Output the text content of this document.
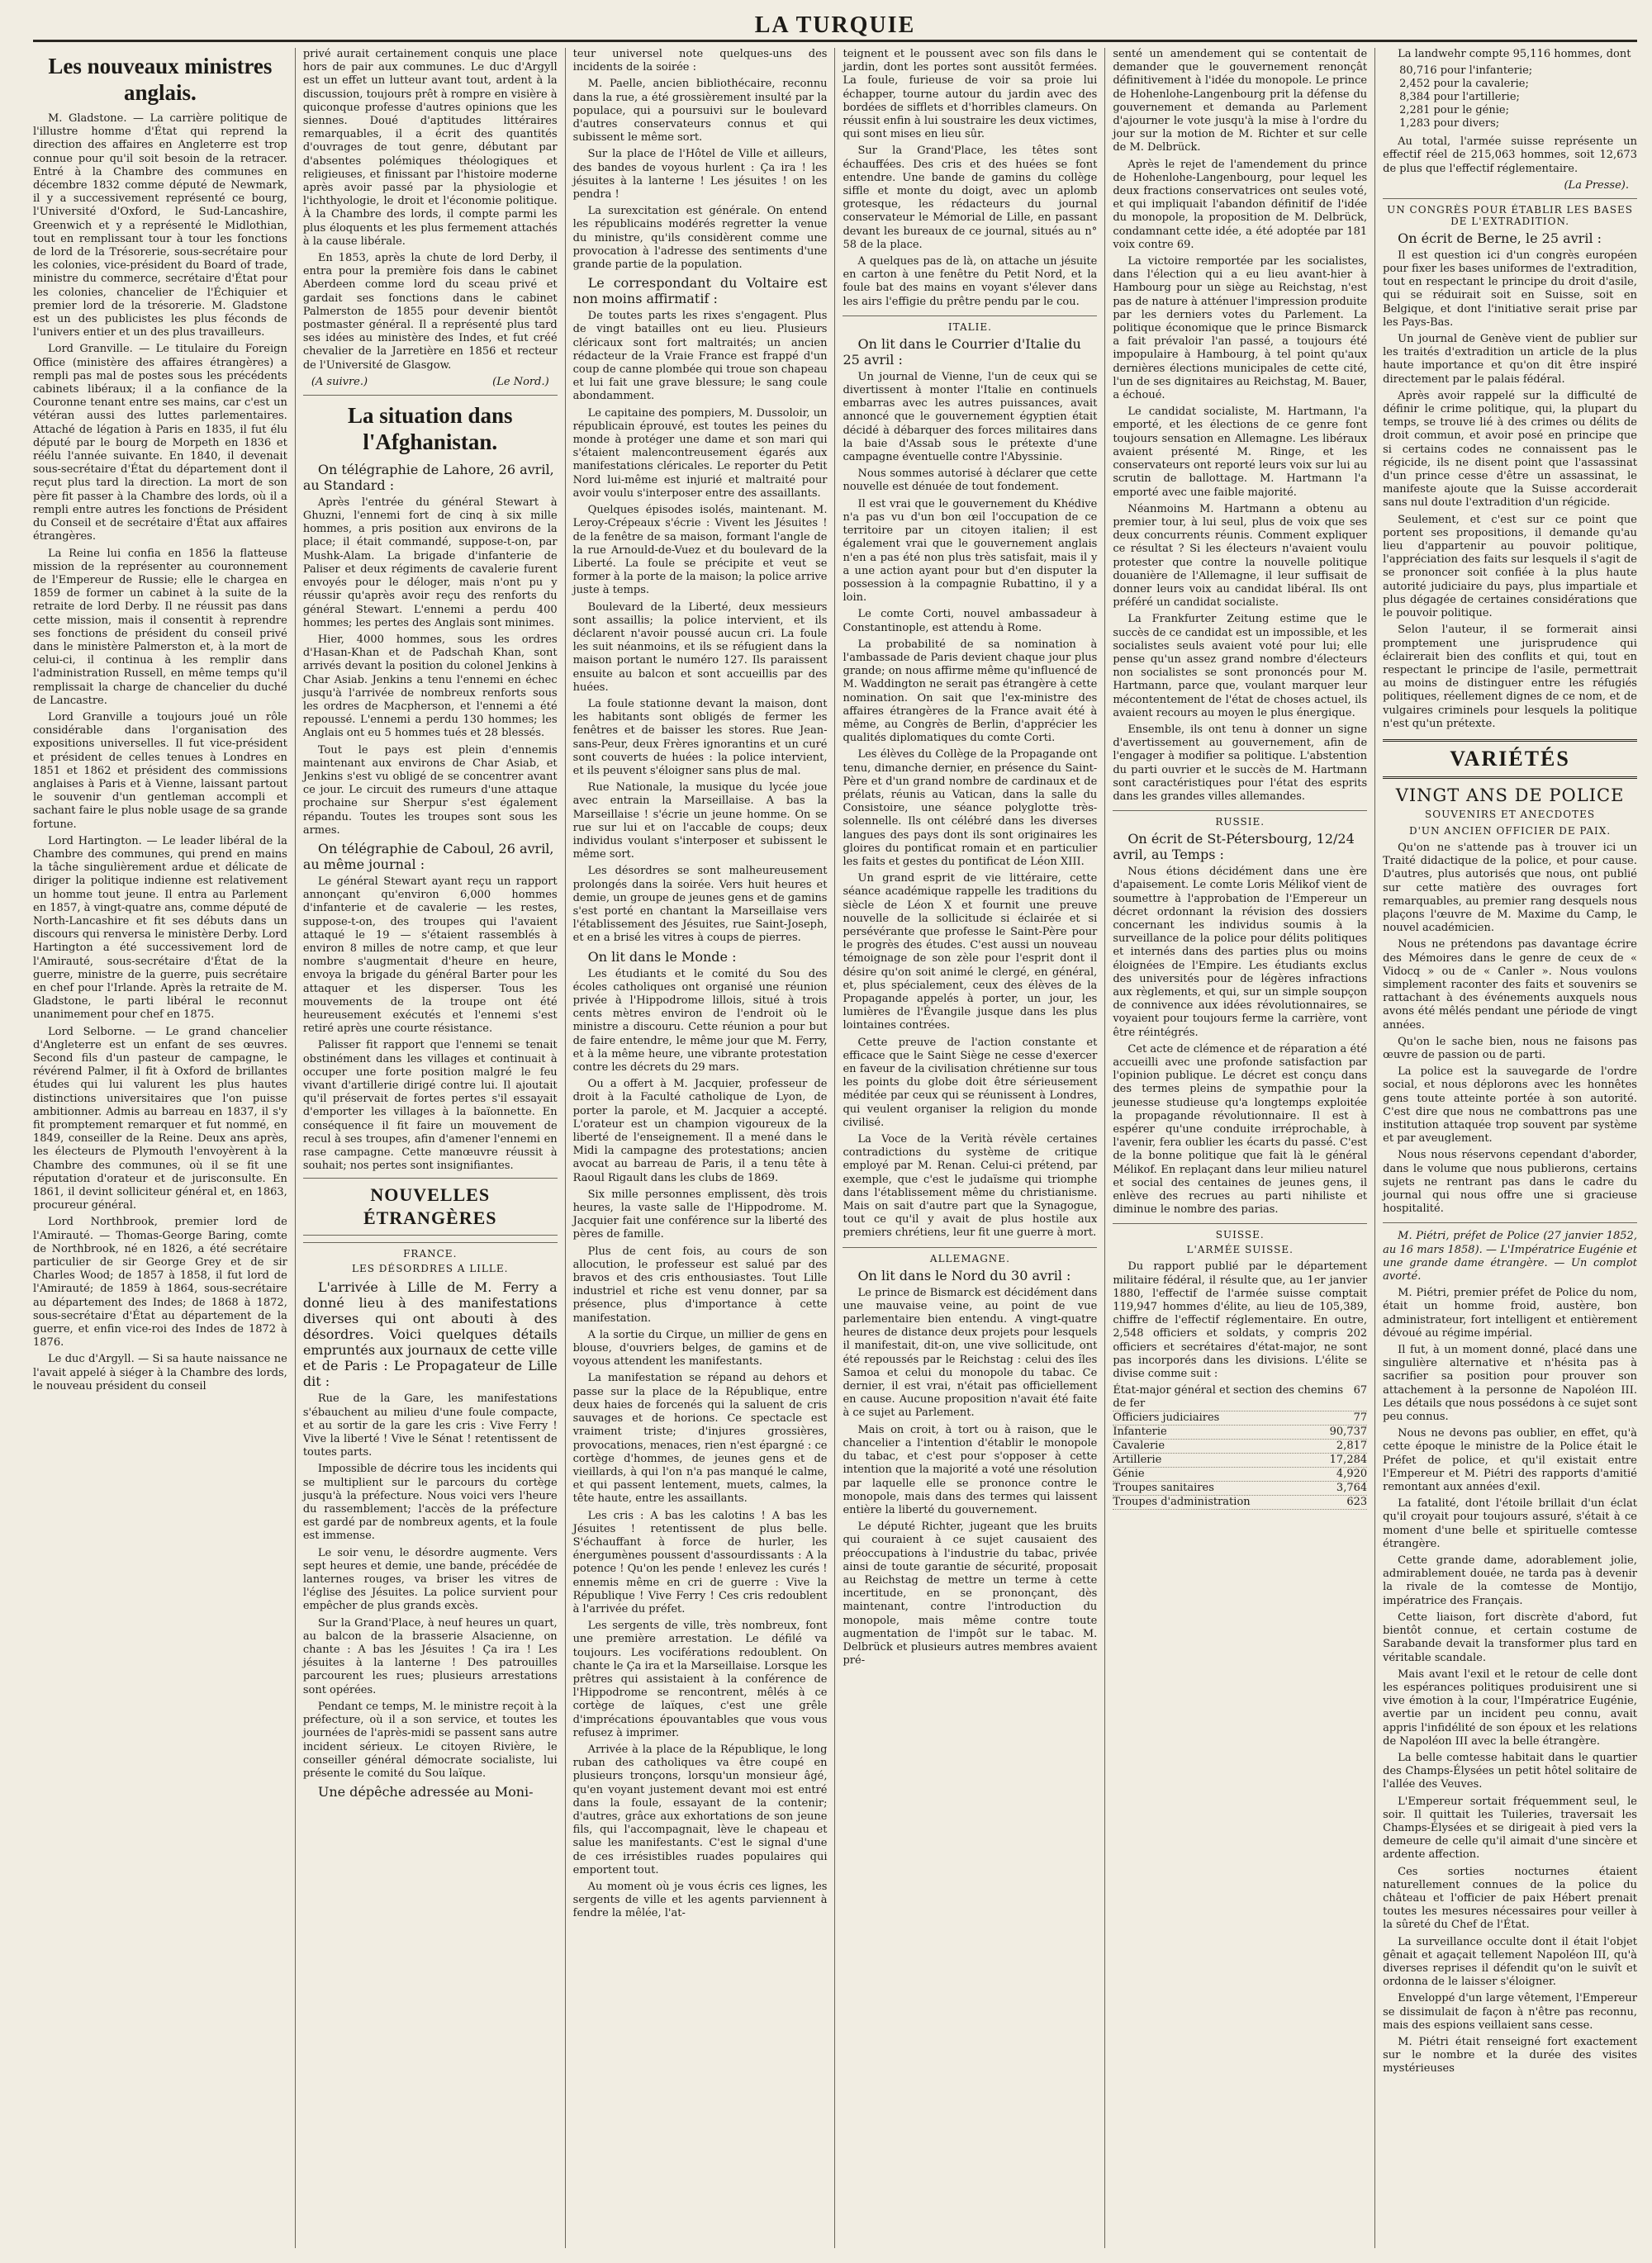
LA TURQUIE
Les nouveaux ministres anglais.

M. Gladstone. — La carrière politique de l'illustre homme d'État qui reprend la direction des affaires en Angleterre est trop connue pour qu'il soit besoin de la retracer. Entré à la Chambre des communes en décembre 1832 comme député de Newmark, il y a successivement représenté ce bourg, l'Université d'Oxford, le Sud-Lancashire, Greenwich et y a représenté le Midlothian, tout en remplissant tour à tour les fonctions de lord de la Trésorerie, sous-secrétaire pour les colonies, vice-président du Board of trade, ministre du commerce, secrétaire d'État pour les colonies, chancelier de l'Échiquier et premier lord de la trésorerie. M. Gladstone est un des publicistes les plus féconds de l'univers entier et un des plus travailleurs.

Lord Granville. — Le titulaire du Foreign Office (ministère des affaires étrangères) a rempli pas mal de postes sous les précédents cabinets libéraux; il a la confiance de la Couronne tenant entre ses mains, car c'est un vétéran aussi des luttes parlementaires. Attaché de légation à Paris en 1835, il fut élu député par le bourg de Morpeth en 1836 et réélu l'année suivante. En 1840, il devenait sous-secrétaire d'État du département dont il reçut plus tard la direction. La mort de son père fit passer à la Chambre des lords, où il a rempli entre autres les fonctions de Président du Conseil et de secrétaire d'État aux affaires étrangères.

La Reine lui confia en 1856 la flatteuse mission de la représenter au couronnement de l'Empereur de Russie; elle le chargea en 1859 de former un cabinet à la suite de la retraite de lord Derby. Il ne réussit pas dans cette mission, mais il consentit à reprendre ses fonctions de président du conseil privé dans le ministère Palmerston et, à la mort de celui-ci, il continua à les remplir dans l'administration Russell, en même temps qu'il remplissait la charge de chancelier du duché de Lancastre.

Lord Granville a toujours joué un rôle considérable dans l'organisation des expositions universelles. Il fut vice-président et président de celles tenues à Londres en 1851 et 1862 et président des commissions anglaises à Paris et à Vienne, laissant partout le souvenir d'un gentleman accompli et sachant faire le plus noble usage de sa grande fortune.

Lord Hartington. — Le leader libéral de la Chambre des communes, qui prend en mains la tâche singulièrement ardue et délicate de diriger la politique indienne est relativement un homme tout jeune. Il entra au Parlement en 1857, à vingt-quatre ans, comme député de North-Lancashire et fit ses débuts dans un discours qui renversa le ministère Derby. Lord Hartington a été successivement lord de l'Amirauté, sous-secrétaire d'État de la guerre, ministre de la guerre, puis secrétaire en chef pour l'Irlande. Après la retraite de M. Gladstone, le parti libéral le reconnut unanimement pour chef en 1875.

Lord Selborne. — Le grand chancelier d'Angleterre est un enfant de ses œuvres. Second fils d'un pasteur de campagne, le révérend Palmer, il fit à Oxford de brillantes études qui lui valurent les plus hautes distinctions universitaires que l'on puisse ambitionner. Admis au barreau en 1837, il s'y fit promptement remarquer et fut nommé, en 1849, conseiller de la Reine. Deux ans après, les électeurs de Plymouth l'envoyèrent à la Chambre des communes, où il se fit une réputation d'orateur et de jurisconsulte. En 1861, il devint solliciteur général et, en 1863, procureur général.

Lord Northbrook, premier lord de l'Amirauté. — Thomas-George Baring, comte de Northbrook, né en 1826, a été secrétaire particulier de sir George Grey et de sir Charles Wood; de 1857 à 1858, il fut lord de l'Amirauté; de 1859 à 1864, sous-secrétaire au département des Indes; de 1868 à 1872, sous-secrétaire d'État au département de la guerre, et enfin vice-roi des Indes de 1872 à 1876.

Le duc d'Argyll. — Si sa haute naissance ne l'avait appelé à siéger à la Chambre des lords, le nouveau président du conseil

privé aurait certainement conquis une place hors de pair aux communes. Le duc d'Argyll est un effet un lutteur avant tout, ardent à la discussion, toujours prêt à rompre en visière à quiconque professe d'autres opinions que les siennes. Doué d'aptitudes littéraires remarquables, il a écrit des quantités d'ouvrages de tout genre, débutant par d'absentes polémiques théologiques et religieuses, et finissant par l'histoire moderne après avoir passé par la physiologie et l'ichthyologie, le droit et l'économie politique. À la Chambre des lords, il compte parmi les plus éloquents et les plus fermement attachés à la cause libérale.

En 1853, après la chute de lord Derby, il entra pour la première fois dans le cabinet Aberdeen comme lord du sceau privé et gardait ses fonctions dans le cabinet Palmerston de 1855 pour devenir bientôt postmaster général. Il a représenté plus tard ses idées au ministère des Indes, et fut créé chevalier de la Jarretière en 1856 et recteur de l'Université de Glasgow.

(A suivre.)	(Le Nord.)
La situation dans l'Afghanistan.
On télégraphie de Lahore, 26 avril, au Standard :

Après l'entrée du général Stewart à Ghuzni, l'ennemi fort de cinq à six mille hommes, a pris position aux environs de la place; il était commandé, suppose-t-on, par Mushk-Alam. La brigade d'infanterie de Paliser et deux régiments de cavalerie furent envoyés pour le déloger, mais n'ont pu y réussir qu'après avoir reçu des renforts du général Stewart. L'ennemi a perdu 400 hommes; les pertes des Anglais sont minimes.

Hier, 4000 hommes, sous les ordres d'Hasan-Khan et de Padschah Khan, sont arrivés devant la position du colonel Jenkins à Char Asiab. Jenkins a tenu l'ennemi en échec jusqu'à l'arrivée de nombreux renforts sous les ordres de Macpherson, et l'ennemi a été repoussé. L'ennemi a perdu 130 hommes; les Anglais ont eu 5 hommes tués et 28 blessés.

Tout le pays est plein d'ennemis maintenant aux environs de Char Asiab, et Jenkins s'est vu obligé de se concentrer avant ce jour. Le circuit des rumeurs d'une attaque prochaine sur Sherpur s'est également répandu. Toutes les troupes sont sous les armes.

On télégraphie de Caboul, 26 avril, au même journal :

Le général Stewart ayant reçu un rapport annonçant qu'environ 6,000 hommes d'infanterie et de cavalerie — les restes, suppose-t-on, des troupes qui l'avaient attaqué le 19 — s'étaient rassemblés à environ 8 milles de notre camp, et que leur nombre s'augmentait d'heure en heure, envoya la brigade du général Barter pour les attaquer et les disperser. Tous les mouvements de la troupe ont été heureusement exécutés et l'ennemi s'est retiré après une courte résistance.

Palisser fit rapport que l'ennemi se tenait obstinément dans les villages et continuait à occuper une forte position malgré le feu vivant d'artillerie dirigé contre lui. Il ajoutait qu'il préservait de fortes pertes s'il essayait d'emporter les villages à la baïonnette. En conséquence il fit faire un mouvement de recul à ses troupes, afin d'amener l'ennemi en rase campagne. Cette manœuvre réussit à souhait; nos pertes sont insignifiantes.

NOUVELLES ÉTRANGÈRES
FRANCE.
LES DÉSORDRES A LILLE.

L'arrivée à Lille de M. Ferry a donné lieu à des manifestations diverses qui ont abouti à des désordres. Voici quelques détails empruntés aux journaux de cette ville et de Paris : Le Propagateur de Lille dit :

Rue de la Gare, les manifestations s'ébauchent au milieu d'une foule compacte, et au sortir de la gare les cris : Vive Ferry ! Vive la liberté ! Vive le Sénat ! retentissent de toutes parts.

Impossible de décrire tous les incidents qui se multiplient sur le parcours du cortège jusqu'à la préfecture. Nous voici vers l'heure du rassemblement; l'accès de la préfecture est gardé par de nombreux agents, et la foule est immense.

Le soir venu, le désordre augmente. Vers sept heures et demie, une bande, précédée de lanternes rouges, va briser les vitres de l'église des Jésuites. La police survient pour empêcher de plus grands excès.

Sur la Grand'Place, à neuf heures un quart, au balcon de la brasserie Alsacienne, on chante : A bas les Jésuites ! Ça ira ! Les jésuites à la lanterne ! Des patrouilles parcourent les rues; plusieurs arrestations sont opérées.

Pendant ce temps, M. le ministre reçoit à la préfecture, où il a son service, et toutes les journées de l'après-midi se passent sans autre incident sérieux. Le citoyen Rivière, le conseiller général démocrate socialiste, lui présente le comité du Sou laïque.

Une dépêche adressée au Moni-

teur universel note quelques-uns des incidents de la soirée :

M. Paelle, ancien bibliothécaire, reconnu dans la rue, a été grossièrement insulté par la populace, qui a poursuivi sur le boulevard d'autres conservateurs connus et qui subissent le même sort.

Sur la place de l'Hôtel de Ville et ailleurs, des bandes de voyous hurlent : Ça ira ! les jésuites à la lanterne ! Les jésuites ! on les pendra !

La surexcitation est générale. On entend les républicains modérés regretter la venue du ministre, qu'ils considèrent comme une provocation à l'adresse des sentiments d'une grande partie de la population.

Le correspondant du Voltaire est non moins affirmatif :

De toutes parts les rixes s'engagent. Plus de vingt batailles ont eu lieu. Plusieurs cléricaux sont fort maltraités; un ancien rédacteur de la Vraie France est frappé d'un coup de canne plombée qui troue son chapeau et lui fait une grave blessure; le sang coule abondamment.

Le capitaine des pompiers, M. Dussoloir, un républicain éprouvé, est toutes les peines du monde à protéger une dame et son mari qui s'étaient malencontreusement égarés aux manifestations cléricales. Le reporter du Petit Nord lui-même est injurié et maltraité pour avoir voulu s'interposer entre des assaillants.

Quelques épisodes isolés, maintenant. M. Leroy-Crépeaux s'écrie : Vivent les Jésuites ! de la fenêtre de sa maison, formant l'angle de la rue Arnould-de-Vuez et du boulevard de la Liberté. La foule se précipite et veut se former à la porte de la maison; la police arrive juste à temps.

Boulevard de la Liberté, deux messieurs sont assaillis; la police intervient, et ils déclarent n'avoir poussé aucun cri. La foule les suit néanmoins, et ils se réfugient dans la maison portant le numéro 127. Ils paraissent ensuite au balcon et sont accueillis par des huées.

La foule stationne devant la maison, dont les habitants sont obligés de fermer les fenêtres et de baisser les stores. Rue Jean-sans-Peur, deux Frères ignorantins et un curé sont couverts de huées : la police intervient, et ils peuvent s'éloigner sans plus de mal.

Rue Nationale, la musique du lycée joue avec entrain la Marseillaise. A bas la Marseillaise ! s'écrie un jeune homme. On se rue sur lui et on l'accable de coups; deux individus voulant s'interposer et subissent le même sort.

Les désordres se sont malheureusement prolongés dans la soirée. Vers huit heures et demie, un groupe de jeunes gens et de gamins s'est porté en chantant la Marseillaise vers l'établissement des Jésuites, rue Saint-Joseph, et en a brisé les vitres à coups de pierres.

On lit dans le Monde :

Les étudiants et le comité du Sou des écoles catholiques ont organisé une réunion privée à l'Hippodrome lillois, situé à trois cents mètres environ de l'endroit où le ministre a discouru. Cette réunion a pour but de faire entendre, le même jour que M. Ferry, et à la même heure, une vibrante protestation contre les décrets du 29 mars.

Ou a offert à M. Jacquier, professeur de droit à la Faculté catholique de Lyon, de porter la parole, et M. Jacquier a accepté. L'orateur est un champion vigoureux de la liberté de l'enseignement. Il a mené dans le Midi la campagne des protestations; ancien avocat au barreau de Paris, il a tenu tête à Raoul Rigault dans les clubs de 1869.

Six mille personnes emplissent, dès trois heures, la vaste salle de l'Hippodrome. M. Jacquier fait une conférence sur la liberté des pères de famille.

Plus de cent fois, au cours de son allocution, le professeur est salué par des bravos et des cris enthousiastes. Tout Lille industriel et riche est venu donner, par sa présence, plus d'importance à cette manifestation.

A la sortie du Cirque, un millier de gens en blouse, d'ouvriers belges, de gamins et de voyous attendent les manifestants.

La manifestation se répand au dehors et passe sur la place de la République, entre deux haies de forcenés qui la saluent de cris sauvages et de horions. Ce spectacle est vraiment triste; d'injures grossières, provocations, menaces, rien n'est épargné : ce cortège d'hommes, de jeunes gens et de vieillards, à qui l'on n'a pas manqué le calme, et qui passent lentement, muets, calmes, la tête haute, entre les assaillants.

Les cris : A bas les calotins ! A bas les Jésuites ! retentissent de plus belle. S'échauffant à force de hurler, les énergumènes poussent d'assourdissants : A la potence ! Qu'on les pende ! enlevez les curés ! ennemis même en cri de guerre : Vive la République ! Vive Ferry ! Ces cris redoublent à l'arrivée du préfet.

Les sergents de ville, très nombreux, font une première arrestation. Le défilé va toujours. Les vociférations redoublent. On chante le Ça ira et la Marseillaise. Lorsque les prêtres qui assistaient à la conférence de l'Hippodrome se rencontrent, mêlés à ce cortège de laïques, c'est une grêle d'imprécations épouvantables que vous vous refusez à imprimer.

Arrivée à la place de la République, le long ruban des catholiques va être coupé en plusieurs tronçons, lorsqu'un monsieur âgé, qu'en voyant justement devant moi est entré dans la foule, essayant de la contenir; d'autres, grâce aux exhortations de son jeune fils, qui l'accompagnait, lève le chapeau et salue les manifestants. C'est le signal d'une de ces irrésistibles ruades populaires qui emportent tout.

Au moment où je vous écris ces lignes, les sergents de ville et les agents parviennent à fendre la mêlée, l'at-

teignent et le poussent avec son fils dans le jardin, dont les portes sont aussitôt fermées. La foule, furieuse de voir sa proie lui échapper, tourne autour du jardin avec des bordées de sifflets et d'horribles clameurs. On réussit enfin à lui soustraire les deux victimes, qui sont mises en lieu sûr.

Sur la Grand'Place, les têtes sont échauffées. Des cris et des huées se font entendre. Une bande de gamins du collège siffle et monte du doigt, avec un aplomb grotesque, les rédacteurs du journal conservateur le Mémorial de Lille, en passant devant les bureaux de ce journal, situés au n° 58 de la place.

A quelques pas de là, on attache un jésuite en carton à une fenêtre du Petit Nord, et la foule bat des mains en voyant s'élever dans les airs l'effigie du prêtre pendu par le cou.

ITALIE.
On lit dans le Courrier d'Italie du 25 avril :

Un journal de Vienne, l'un de ceux qui se divertissent à monter l'Italie en continuels embarras avec les autres puissances, avait annoncé que le gouvernement égyptien était décidé à débarquer des forces militaires dans la baie d'Assab sous le prétexte d'une campagne éventuelle contre l'Abyssinie.

Nous sommes autorisé à déclarer que cette nouvelle est dénuée de tout fondement.

Il est vrai que le gouvernement du Khédive n'a pas vu d'un bon œil l'occupation de ce territoire par un citoyen italien; il est également vrai que le gouvernement anglais n'en a pas été non plus très satisfait, mais il y a une action ayant pour but d'en disputer la possession à la compagnie Rubattino, il y a loin.

Le comte Corti, nouvel ambassadeur à Constantinople, est attendu à Rome.

La probabilité de sa nomination à l'ambassade de Paris devient chaque jour plus grande; on nous affirme même qu'influencé de M. Waddington ne serait pas étrangère à cette nomination. On sait que l'ex-ministre des affaires étrangères de la France avait été à même, au Congrès de Berlin, d'apprécier les qualités diplomatiques du comte Corti.

Les élèves du Collège de la Propagande ont tenu, dimanche dernier, en présence du Saint-Père et d'un grand nombre de cardinaux et de prélats, réunis au Vatican, dans la salle du Consistoire, une séance polyglotte très-solennelle. Ils ont célébré dans les diverses langues des pays dont ils sont originaires les gloires du pontificat romain et en particulier les faits et gestes du pontificat de Léon XIII.

Un grand esprit de vie littéraire, cette séance académique rappelle les traditions du siècle de Léon X et fournit une preuve nouvelle de la sollicitude si éclairée et si persévérante que professe le Saint-Père pour le progrès des études. C'est aussi un nouveau témoignage de son zèle pour l'esprit dont il désire qu'on soit animé le clergé, en général, et, plus spécialement, ceux des élèves de la Propagande appelés à porter, un jour, les lumières de l'Évangile jusque dans les plus lointaines contrées.

Cette preuve de l'action constante et efficace que le Saint Siège ne cesse d'exercer en faveur de la civilisation chrétienne sur tous les points du globe doit être sérieusement méditée par ceux qui se réunissent à Londres, qui veulent organiser la religion du monde civilisé.

La Voce de la Verità révèle certaines contradictions du système de critique employé par M. Renan. Celui-ci prétend, par exemple, que c'est le judaïsme qui triomphe dans l'établissement même du christianisme. Mais on sait d'autre part que la Synagogue, tout ce qu'il y avait de plus hostile aux premiers chrétiens, leur fit une guerre à mort.

ALLEMAGNE.
On lit dans le Nord du 30 avril :

Le prince de Bismarck est décidément dans une mauvaise veine, au point de vue parlementaire bien entendu. A vingt-quatre heures de distance deux projets pour lesquels il manifestait, dit-on, une vive sollicitude, ont été repoussés par le Reichstag : celui des îles Samoa et celui du monopole du tabac. Ce dernier, il est vrai, n'était pas officiellement en cause. Aucune proposition n'avait été faite à ce sujet au Parlement.

Mais on croit, à tort ou à raison, que le chancelier a l'intention d'établir le monopole du tabac, et c'est pour s'opposer à cette intention que la majorité a voté une résolution par laquelle elle se prononce contre le monopole, mais dans des termes qui laissent entière la liberté du gouvernement.

Le député Richter, jugeant que les bruits qui couraient à ce sujet causaient des préoccupations à l'industrie du tabac, privée ainsi de toute garantie de sécurité, proposait au Reichstag de mettre un terme à cette incertitude, en se prononçant, dès maintenant, contre l'introduction du monopole, mais même contre toute augmentation de l'impôt sur le tabac. M. Delbrück et plusieurs autres membres avaient pré-

senté un amendement qui se contentait de demander que le gouvernement renonçât définitivement à l'idée du monopole. Le prince de Hohenlohe-Langenbourg prit la défense du gouvernement et demanda au Parlement d'ajourner le vote jusqu'à la mise à l'ordre du jour sur la motion de M. Richter et sur celle de M. Delbrück.

Après le rejet de l'amendement du prince de Hohenlohe-Langenbourg, pour lequel les deux fractions conservatrices ont seules voté, et qui impliquait l'abandon définitif de l'idée du monopole, la proposition de M. Delbrück, condamnant cette idée, a été adoptée par 181 voix contre 69.

La victoire remportée par les socialistes, dans l'élection qui a eu lieu avant-hier à Hambourg pour un siège au Reichstag, n'est pas de nature à atténuer l'impression produite par les derniers votes du Parlement. La politique économique que le prince Bismarck a fait prévaloir l'an passé, a toujours été impopulaire à Hambourg, à tel point qu'aux dernières élections municipales de cette cité, l'un de ses dignitaires au Reichstag, M. Bauer, a échoué.

Le candidat socialiste, M. Hartmann, l'a emporté, et les élections de ce genre font toujours sensation en Allemagne. Les libéraux avaient présenté M. Ringe, et les conservateurs ont reporté leurs voix sur lui au scrutin de ballottage. M. Hartmann l'a emporté avec une faible majorité.

Néanmoins M. Hartmann a obtenu au premier tour, à lui seul, plus de voix que ses deux concurrents réunis. Comment expliquer ce résultat ? Si les électeurs n'avaient voulu protester que contre la nouvelle politique douanière de l'Allemagne, il leur suffisait de donner leurs voix au candidat libéral. Ils ont préféré un candidat socialiste.

La Frankfurter Zeitung estime que le succès de ce candidat est un impossible, et les socialistes seuls avaient voté pour lui; elle pense qu'un assez grand nombre d'électeurs non socialistes se sont prononcés pour M. Hartmann, parce que, voulant marquer leur mécontentement de l'état de choses actuel, ils avaient recours au moyen le plus énergique.

Ensemble, ils ont tenu à donner un signe d'avertissement au gouvernement, afin de l'engager à modifier sa politique. L'abstention du parti ouvrier et le succès de M. Hartmann sont caractéristiques pour l'état des esprits dans les grandes villes allemandes.

RUSSIE.
On écrit de St-Pétersbourg, 12/24 avril, au Temps :

Nous étions décidément dans une ère d'apaisement. Le comte Loris Mélikof vient de soumettre à l'approbation de l'Empereur un décret ordonnant la révision des dossiers concernant les individus soumis à la surveillance de la police pour délits politiques et internés dans des parties plus ou moins éloignées de l'Empire. Les étudiants exclus des universités pour de légères infractions aux règlements, et qui, sur un simple soupçon de connivence aux idées révolutionnaires, se voyaient pour toujours ferme la carrière, vont être réintégrés.

Cet acte de clémence et de réparation a été accueilli avec une profonde satisfaction par l'opinion publique. Le décret est conçu dans des termes pleins de sympathie pour la jeunesse studieuse qu'a longtemps exploitée la propagande révolutionnaire. Il est à espérer qu'une conduite irréprochable, à l'avenir, fera oublier les écarts du passé. C'est de la bonne politique que fait là le général Mélikof. En replaçant dans leur milieu naturel et social des centaines de jeunes gens, il enlève des recrues au parti nihiliste et diminue le nombre des parias.

SUISSE.
L'ARMÉE SUISSE.

Du rapport publié par le département militaire fédéral, il résulte que, au 1er janvier 1880, l'effectif de l'armée suisse comptait 119,947 hommes d'élite, au lieu de 105,389, chiffre de l'effectif réglementaire. En outre, 2,548 officiers et soldats, y compris 202 officiers et secrétaires d'état-major, ne sont pas incorporés dans les divisions. L'élite se divise comme suit :

État-major général et section des chemins de fer
67
Officiers judiciaires	77
Infanterie	90,737
Cavalerie	2,817
Artillerie	17,284
Génie	4,920
Troupes sanitaires	3,764
Troupes d'administration	623

La landwehr compte 95,116 hommes, dont

80,716 pour l'infanterie;
2,452 pour la cavalerie;
8,384 pour l'artillerie;
2,281 pour le génie;
1,283 pour divers;

Au total, l'armée suisse représente un effectif réel de 215,063 hommes, soit 12,673 de plus que l'effectif réglementaire.

(La Presse).
UN CONGRÈS POUR ÉTABLIR LES BASES DE L'EXTRADITION.
On écrit de Berne, le 25 avril :

Il est question ici d'un congrès européen pour fixer les bases uniformes de l'extradition, tout en respectant le principe du droit d'asile, qui se réduirait soit en Suisse, soit en Belgique, et dont l'initiative serait prise par les Pays-Bas.

Un journal de Genève vient de publier sur les traités d'extradition un article de la plus haute importance et qu'on dit être inspiré directement par le palais fédéral.

Après avoir rappelé sur la difficulté de définir le crime politique, qui, la plupart du temps, se trouve lié à des crimes ou délits de droit commun, et avoir posé en principe que si certains codes ne connaissent pas le régicide, ils ne disent point que l'assassinat d'un prince cesse d'être un assassinat, le manifeste ajoute que la Suisse accorderait sans nul doute l'extradition d'un régicide.

Seulement, et c'est sur ce point que portent ses propositions, il demande qu'au lieu d'appartenir au pouvoir politique, l'appréciation des faits sur lesquels il s'agit de se prononcer soit confiée à la plus haute autorité judiciaire du pays, plus impartiale et plus dégagée de certaines considérations que le pouvoir politique.

Selon l'auteur, il se formerait ainsi promptement une jurisprudence qui éclairerait bien des conflits et qui, tout en respectant le principe de l'asile, permettrait au moins de distinguer entre les réfugiés politiques, réellement dignes de ce nom, et de vulgaires criminels pour lesquels la politique n'est qu'un prétexte.

VARIÉTÉS
VINGT ANS DE POLICE
SOUVENIRS ET ANECDOTES
D'UN ANCIEN OFFICIER DE PAIX.

Qu'on ne s'attende pas à trouver ici un Traité didactique de la police, et pour cause. D'autres, plus autorisés que nous, ont publié sur cette matière des ouvrages fort remarquables, au premier rang desquels nous plaçons l'œuvre de M. Maxime du Camp, le nouvel académicien.

Nous ne prétendons pas davantage écrire des Mémoires dans le genre de ceux de « Vidocq » ou de « Canler ». Nous voulons simplement raconter des faits et souvenirs se rattachant à des événements auxquels nous avons été mêlés pendant une période de vingt années.

Qu'on le sache bien, nous ne faisons pas œuvre de passion ou de parti.

La police est la sauvegarde de l'ordre social, et nous déplorons avec les honnêtes gens toute atteinte portée à son autorité. C'est dire que nous ne combattrons pas une institution attaquée trop souvent par système et par aveuglement.

Nous nous réservons cependant d'aborder, dans le volume que nous publierons, certains sujets ne rentrant pas dans le cadre du journal qui nous offre une si gracieuse hospitalité.

M. Piétri, préfet de Police (27 janvier 1852, au 16 mars 1858). — L'Impératrice Eugénie et une grande dame étrangère. — Un complot avorté.

M. Piétri, premier préfet de Police du nom, était un homme froid, austère, bon administrateur, fort intelligent et entièrement dévoué au régime impérial.

Il fut, à un moment donné, placé dans une singulière alternative et n'hésita pas à sacrifier sa position pour prouver son attachement à la personne de Napoléon III. Les détails que nous possédons à ce sujet sont peu connus.

Nous ne devons pas oublier, en effet, qu'à cette époque le ministre de la Police était le Préfet de police, et qu'il existait entre l'Empereur et M. Piétri des rapports d'amitié remontant aux années d'exil.

La fatalité, dont l'étoile brillait d'un éclat qu'il croyait pour toujours assuré, s'était à ce moment d'une belle et spirituelle comtesse étrangère.

Cette grande dame, adorablement jolie, admirablement douée, ne tarda pas à devenir la rivale de la comtesse de Montijo, impératrice des Français.

Cette liaison, fort discrète d'abord, fut bientôt connue, et certain costume de Sarabande devait la transformer plus tard en véritable scandale.

Mais avant l'exil et le retour de celle dont les espérances politiques produisirent une si vive émotion à la cour, l'Impératrice Eugénie, avertie par un incident peu connu, avait appris l'infidélité de son époux et les relations de Napoléon III avec la belle étrangère.

La belle comtesse habitait dans le quartier des Champs-Élysées un petit hôtel solitaire de l'allée des Veuves.

L'Empereur sortait fréquemment seul, le soir. Il quittait les Tuileries, traversait les Champs-Élysées et se dirigeait à pied vers la demeure de celle qu'il aimait d'une sincère et ardente affection.

Ces sorties nocturnes étaient naturellement connues de la police du château et l'officier de paix Hébert prenait toutes les mesures nécessaires pour veiller à la sûreté du Chef de l'État.

La surveillance occulte dont il était l'objet gênait et agaçait tellement Napoléon III, qu'à diverses reprises il défendit qu'on le suivît et ordonna de le laisser s'éloigner.

Enveloppé d'un large vêtement, l'Empereur se dissimulait de façon à n'être pas reconnu, mais des espions veillaient sans cesse.

M. Piétri était renseigné fort exactement sur le nombre et la durée des visites mystérieuses
